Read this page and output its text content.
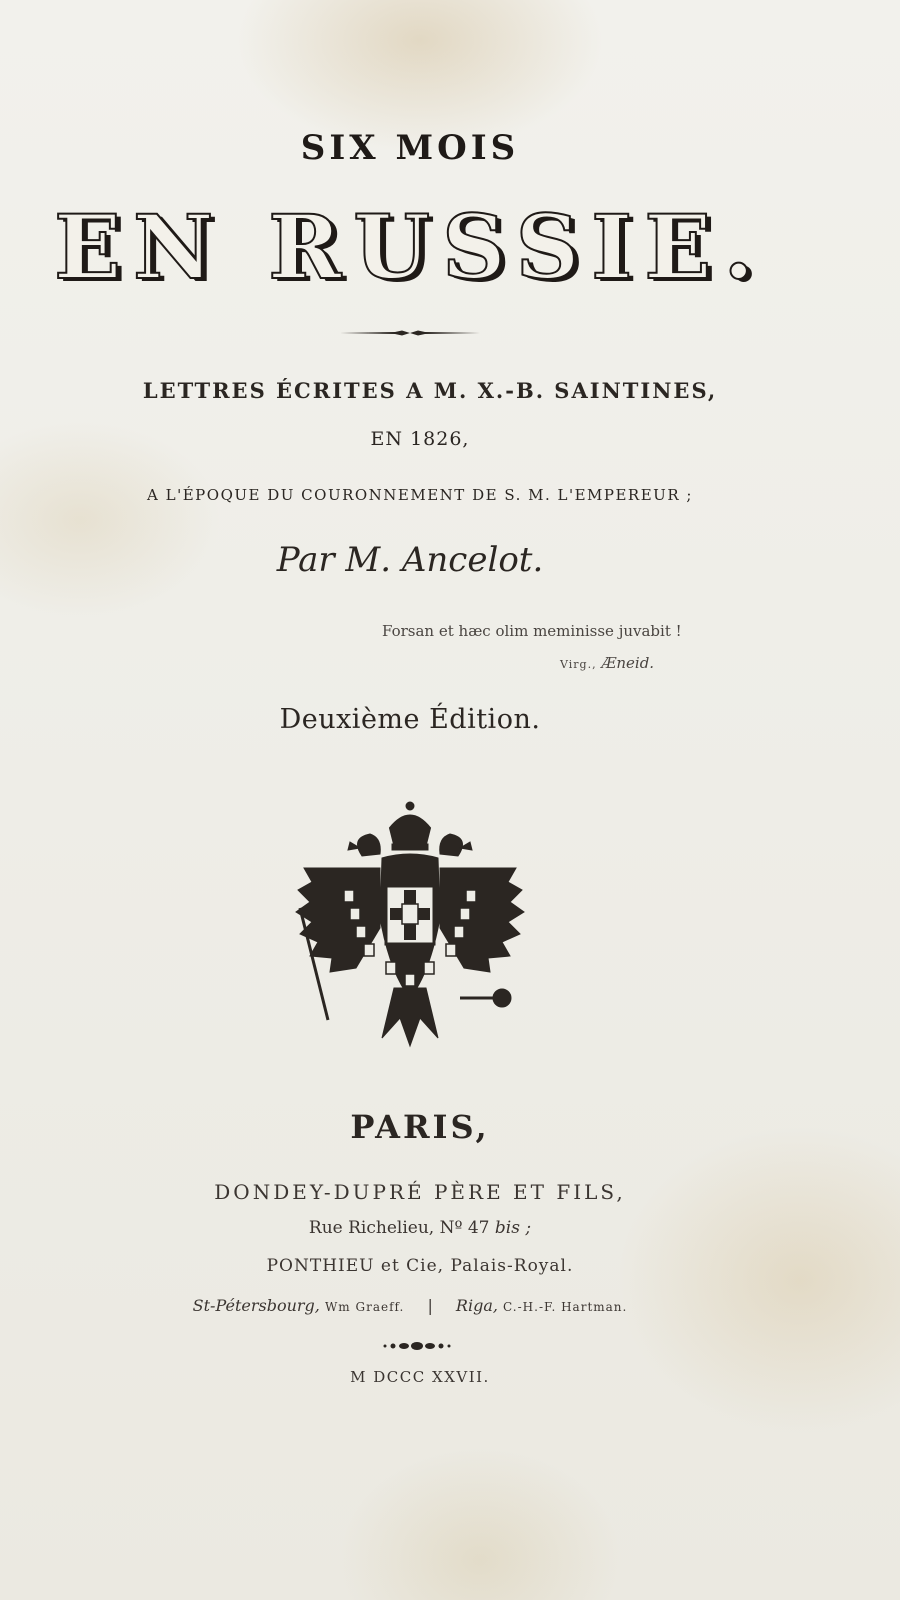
SIX MOIS
EN RUSSIE.
LETTRES ÉCRITES A M. X.-B. SAINTINES,
EN 1826,
A L'ÉPOQUE DU COURONNEMENT DE S. M. L'EMPEREUR ;
Par M. Ancelot.
Forsan et hæc olim meminisse juvabit !
Virg., Æneid.
Deuxième Édition.
PARIS,
DONDEY-DUPRÉ PÈRE ET FILS,
Rue Richelieu, Nº 47 bis ;
PONTHIEU et Cie, Palais-Royal.
St-Pétersbourg, Wm Graeff. | Riga, C.-H.-F. Hartman.
M DCCC XXVII.
